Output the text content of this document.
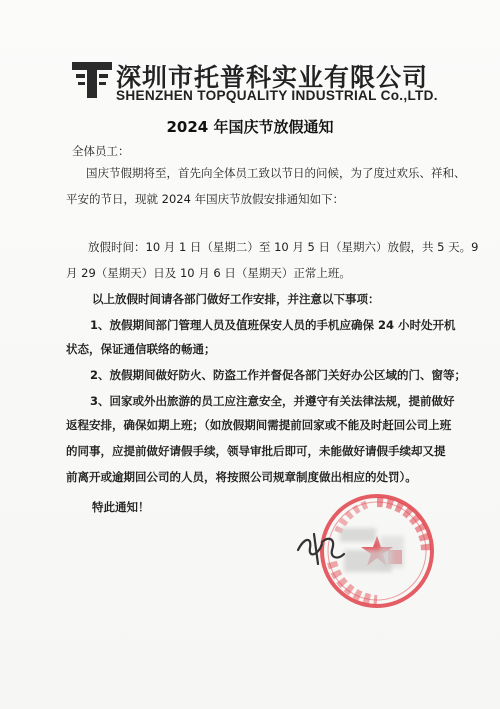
深圳市托普科实业有限公司
SHENZHEN TOPQUALITY INDUSTRIAL Co.,LTD.
2024 年国庆节放假通知
全体员工：
国庆节假期将至，首先向全体员工致以节日的问候，为了度过欢乐、祥和、
平安的节日，现就 2024 年国庆节放假安排通知如下：
放假时间：10 月 1 日（星期二）至 10 月 5 日（星期六）放假，共 5 天。9
月 29（星期天）日及 10 月 6 日（星期天）正常上班。
以上放假时间请各部门做好工作安排，并注意以下事项：
1、放假期间部门管理人员及值班保安人员的手机应确保 24 小时处开机
状态，保证通信联络的畅通；
2、放假期间做好防火、防盗工作并督促各部门关好办公区域的门、窗等；
3、回家或外出旅游的员工应注意安全，并遵守有关法律法规，提前做好
返程安排，确保如期上班；（如放假期间需提前回家或不能及时赶回公司上班
的同事，应提前做好请假手续，领导审批后即可，未能做好请假手续却又提
前离开或逾期回公司的人员，将按照公司规章制度做出相应的处罚）。
特此通知！
